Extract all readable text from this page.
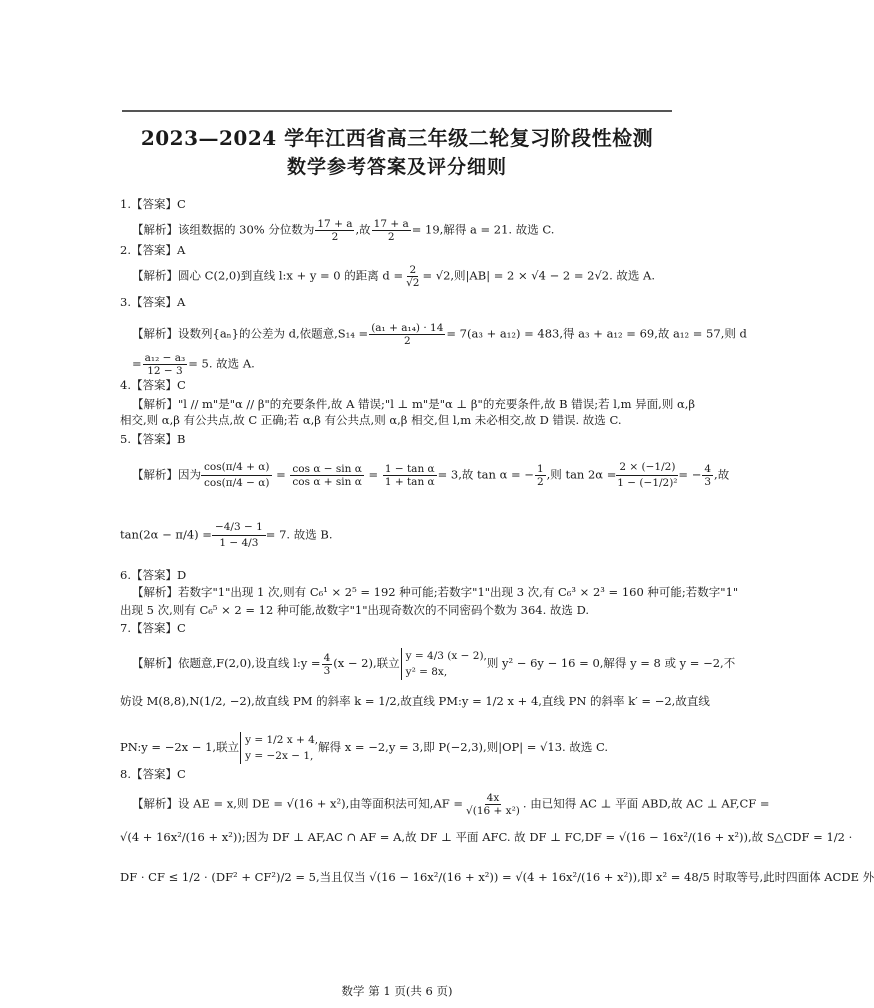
2023—2024 学年江西省高三年级二轮复习阶段性检测
数学参考答案及评分细则
1.【答案】C
【解析】该组数据的 30% 分位数为 $\frac{17 + a}{2}$ ,故 $\frac{17 + a}{2} = 19$,解得 a = 21. 故选 C.
2.【答案】A
【解析】圆心 C(2,0)到直线 l:x + y = 0 的距离 $d = \frac{2}{√2} = √2$,则|AB| = 2 × √4 − 2 = 2√2. 故选 A.
3.【答案】A
【解析】设数列{aₙ}的公差为 d,依题意$,S_{14} = \frac{\text{(a₁ + a₁₄) · 14}}{2} = 7(a_3 + a_{12}) = 483$,得 a₃ + a₁₂ = 69,故 a₁₂ = 57,则 d
= $\frac{\text{a₁₂ − a₃}}{12 - 3} = 5$. 故选 A.
4.【答案】C
【解析】"l // m"是"α // β"的充要条件,故 A 错误;"l ⊥ m"是"α ⊥ β"的充要条件,故 B 错误;若 l,m 异面,则 α,β
相交,则 α,β 有公共点,故 C 正确;若 α,β 有公共点,则 α,β 相交,但 l,m 未必相交,故 D 错误. 故选 C.
5.【答案】B
【解析】因为 $\frac{\cos(\pi/4 + \alpha)}{\cos(\pi/4 - \alpha)} = \frac{\text{cos α − sin α}}{\text{cos α + sin α}} = \frac{\text{1 − tan α}}{\text{1 + tan α}} = 3$,故 tan α = − $\frac{1}{2}$ ,则 $\tan 2\alpha = \frac{2 \times (-1/2)}{\text{1 − (−1/2)²}}$ = − $\frac{4}{3}$ ,故
$\tan(2\alpha - \pi/4) = \frac{-4/3 - 1}{1 - 4/3} = 7$. 故选 B.
6.【答案】D
【解析】若数字"1"出现 1 次,则有 C₆¹ × 2⁵ = 192 种可能;若数字"1"出现 3 次,有 C₆³ × 2³ = 160 种可能;若数字"1"
出现 5 次,则有 C₆⁵ × 2 = 12 种可能,故数字"1"出现奇数次的不同密码个数为 364. 故选 D.
7.【答案】C
【解析】依题意,F(2,0),设直线 l:y = $\frac{4}{3} (x - 2)$,联立 y = 4/3 (x − 2),
y² = 8x,则 y² − 6y − 16 = 0,解得 y = 8 或 y = −2,不
妨设 M(8,8),N(1/2, −2),故直线 PM 的斜率 k = 1/2,故直线 PM:y = 1/2 x + 4,直线 PN 的斜率 k′ = −2,故直线
PN:y = −2x − 1,联立 y = 1/2 x + 4,
y = −2x − 1,解得 x = −2,y = 3,即 P(−2,3),则|OP| = √13. 故选 C.
8.【答案】C
【解析】设 AE = x,则 DE = √(16 + x²),由等面积法可知$,AF = \frac{4x}{\text{√(16 + x²)}}$ . 由已知得 AC ⊥ 平面 ABD,故 AC ⊥ AF,CF =
√(4 + 16x²/(16 + x²));因为 DF ⊥ AF,AC ∩ AF = A,故 DF ⊥ 平面 AFC. 故 DF ⊥ FC,DF = √(16 − 16x²/(16 + x²)),故 S△CDF = 1/2 ·
DF · CF ≤ 1/2 · (DF² + CF²)/2 = 5,当且仅当 √(16 − 16x²/(16 + x²)) = √(4 + 16x²/(16 + x²)),即 x² = 48/5 时取等号,此时四面体 ACDE 外
数学 第 1 页(共 6 页)
